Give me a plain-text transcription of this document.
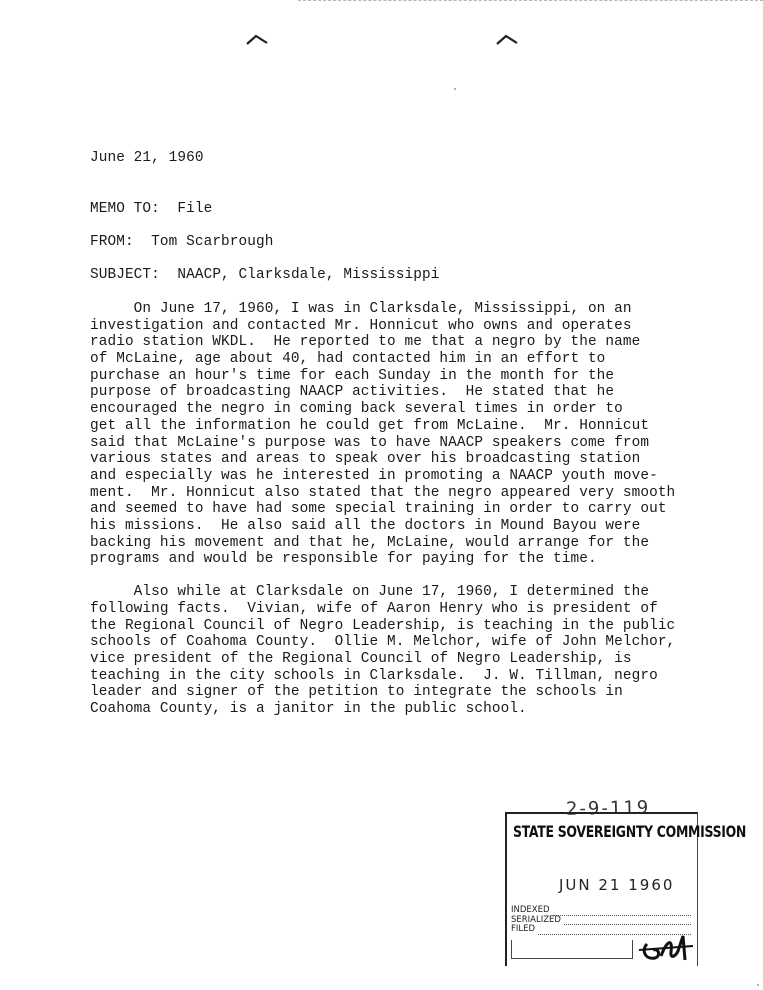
June 21, 1960
MEMO TO: File
FROM: Tom Scarbrough
SUBJECT: NAACP, Clarksdale, Mississippi
On June 17, 1960, I was in Clarksdale, Mississippi, on an
investigation and contacted Mr. Honnicut who owns and operates
radio station WKDL.  He reported to me that a negro by the name
of McLaine, age about 40, had contacted him in an effort to
purchase an hour's time for each Sunday in the month for the
purpose of broadcasting NAACP activities.  He stated that he
encouraged the negro in coming back several times in order to
get all the information he could get from McLaine.  Mr. Honnicut
said that McLaine's purpose was to have NAACP speakers come from
various states and areas to speak over his broadcasting station
and especially was he interested in promoting a NAACP youth move-
ment.  Mr. Honnicut also stated that the negro appeared very smooth
and seemed to have had some special training in order to carry out
his missions.  He also said all the doctors in Mound Bayou were
backing his movement and that he, McLaine, would arrange for the
programs and would be responsible for paying for the time.
Also while at Clarksdale on June 17, 1960, I determined the
following facts.  Vivian, wife of Aaron Henry who is president of
the Regional Council of Negro Leadership, is teaching in the public
schools of Coahoma County.  Ollie M. Melchor, wife of John Melchor,
vice president of the Regional Council of Negro Leadership, is
teaching in the city schools in Clarksdale.  J. W. Tillman, negro
leader and signer of the petition to integrate the schools in
Coahoma County, is a janitor in the public school.
2-9-119
STATE SOVEREIGNTY COMMISSION
JUN 21 1960
INDEXED
SERIALIZED
FILED
